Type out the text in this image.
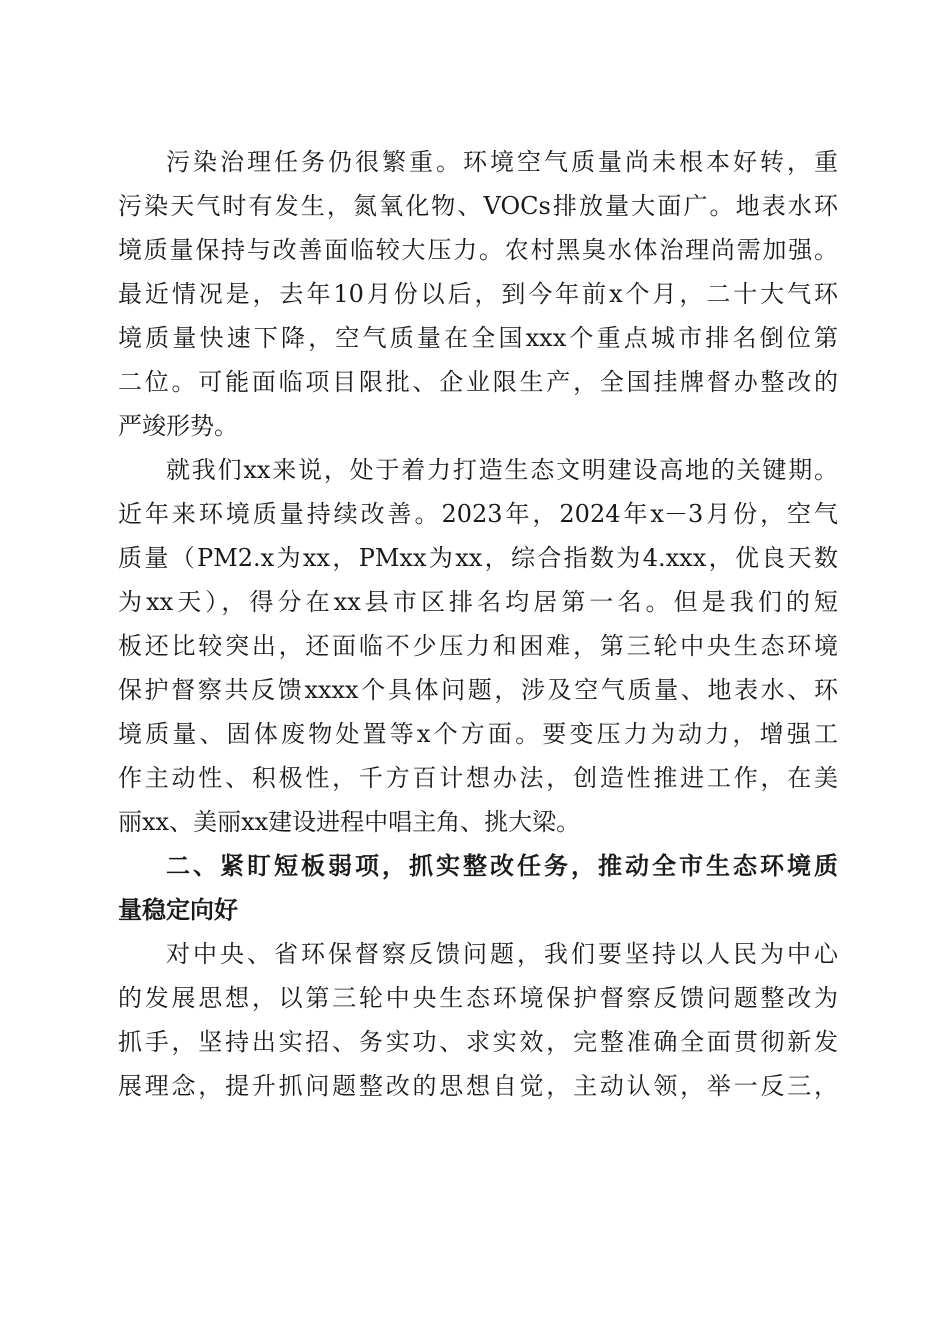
污染治理任务仍很繁重。环境空气质量尚未根本好转，重
污染天气时有发生，氮氧化物、VOCs排放量大面广。地表水环
境质量保持与改善面临较大压力。农村黑臭水体治理尚需加强。
最近情况是，去年10月份以后，到今年前x个月，二十大气环
境质量快速下降，空气质量在全国xxx个重点城市排名倒位第
二位。可能面临项目限批、企业限生产，全国挂牌督办整改的
严竣形势。
就我们xx来说，处于着力打造生态文明建设高地的关键期。
近年来环境质量持续改善。2023年，2024年x－3月份，空气
质量（PM2.x为xx，PMxx为xx，综合指数为4.xxx，优良天数
为xx天），得分在xx县市区排名均居第一名。但是我们的短
板还比较突出，还面临不少压力和困难，第三轮中央生态环境
保护督察共反馈xxxx个具体问题，涉及空气质量、地表水、环
境质量、固体废物处置等x个方面。要变压力为动力，增强工
作主动性、积极性，千方百计想办法，创造性推进工作，在美
丽xx、美丽xx建设进程中唱主角、挑大梁。
二、紧盯短板弱项，抓实整改任务，推动全市生态环境质
量稳定向好
对中央、省环保督察反馈问题，我们要坚持以人民为中心
的发展思想，以第三轮中央生态环境保护督察反馈问题整改为
抓手，坚持出实招、务实功、求实效，完整准确全面贯彻新发
展理念，提升抓问题整改的思想自觉，主动认领，举一反三，
